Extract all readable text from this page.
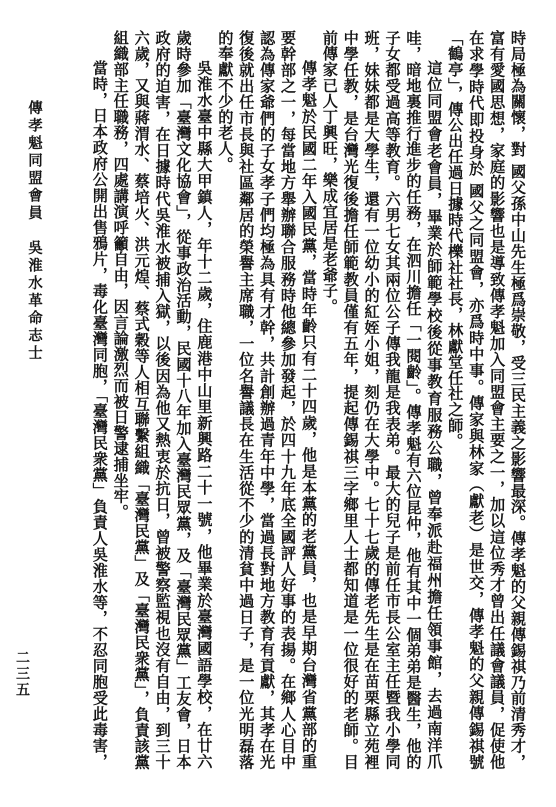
時局極為關懷，對 國父孫中山先生極爲崇敬，受三民主義之影響最深。傳孝魁的父親傳錫祺乃前清秀才，富有愛國思想，家庭的影響也是導致傳孝魁加入同盟會主要之一，加以這位秀才曾出任議會議員，促使他在求學時代即投身於 國父之同盟會，亦爲時中事。傳家與林家（獻老）是世交，傳孝魁的父親傳錫祺號「鶴亭」，傳公出任過日據時代櫟社社長，林獻堂任社之師。

這位同盟會老會員，畢業於師範學校後從事教育服務公職，曾奉派赴福州擔任領事館，去過南洋爪哇，暗地裏推行進步的任務，在泗川擔任「一閱齡」。傳孝魁有六位昆仲，他有其中一個弟弟是醫生，他的子女都受過高等教育。六男七女其兩位公子傳我龍是我表弟。最大的兒子是前任市長公室主任暨我小學同班，妹妹都是大學生，還有一位幼小的紅姪小姐，刻仍在大學中。七十七歲的傳老先生是在苗栗縣立苑裡中學任教，是台灣光復後擔任師範教員僅有五年，提起傳錫祺三字鄉里人士都知道是一位很好的老師。目前傳家已人丁興旺，樂成宜居是老爺子。

傳孝魁於民國二年入國民黨，當時年齡只有二十四歲，他是本黨的老黨員，也是早期台灣省黨部的重要幹部之一，每當地方舉辦聯合服務時他總參加發起，於四十九年底全國評人好事的表揚。在鄉人心目中認為傳家爺們的子女孝子們均極為具有才幹，共計創辦過青年中學，當過長對地方教育有貢獻，其孝在光復後就出任市長與社區鄰居的榮譽主席職，一位名譽議長在生活從不少的清貧中過日子，是一位光明磊落的奉獻不少的老人。

吳淮水臺中縣大甲鎮人，年十二歲，住鹿港中山里新興路二十一號，他畢業於臺灣國語學校，在廿六歲時參加「臺灣文化協會」，從事政治活動，民國十八年加入臺灣民眾黨，及「臺灣民眾黨」工友會，日本政府的迫害，在日據時代吳淮水被捕入獄，以後因為他又熱衷於抗日，曾被警察監視也沒有自由，到三十六歲，又與蔣渭水、蔡培火、洪元煌、蔡式穀等人相互聯繫組織「臺灣民黨」及「臺灣民衆黨」，負責該黨組織部主任職務，四處講演呼籲自由，因言論激烈而被日警逮捕坐牢。

當時，日本政府公開出售鴉片，毒化臺灣同胞，「臺灣民衆黨」負責人吳淮水等，不忍同胞受此毒害，

傳孝魁同盟會員　吳淮水革命志士
二三五
